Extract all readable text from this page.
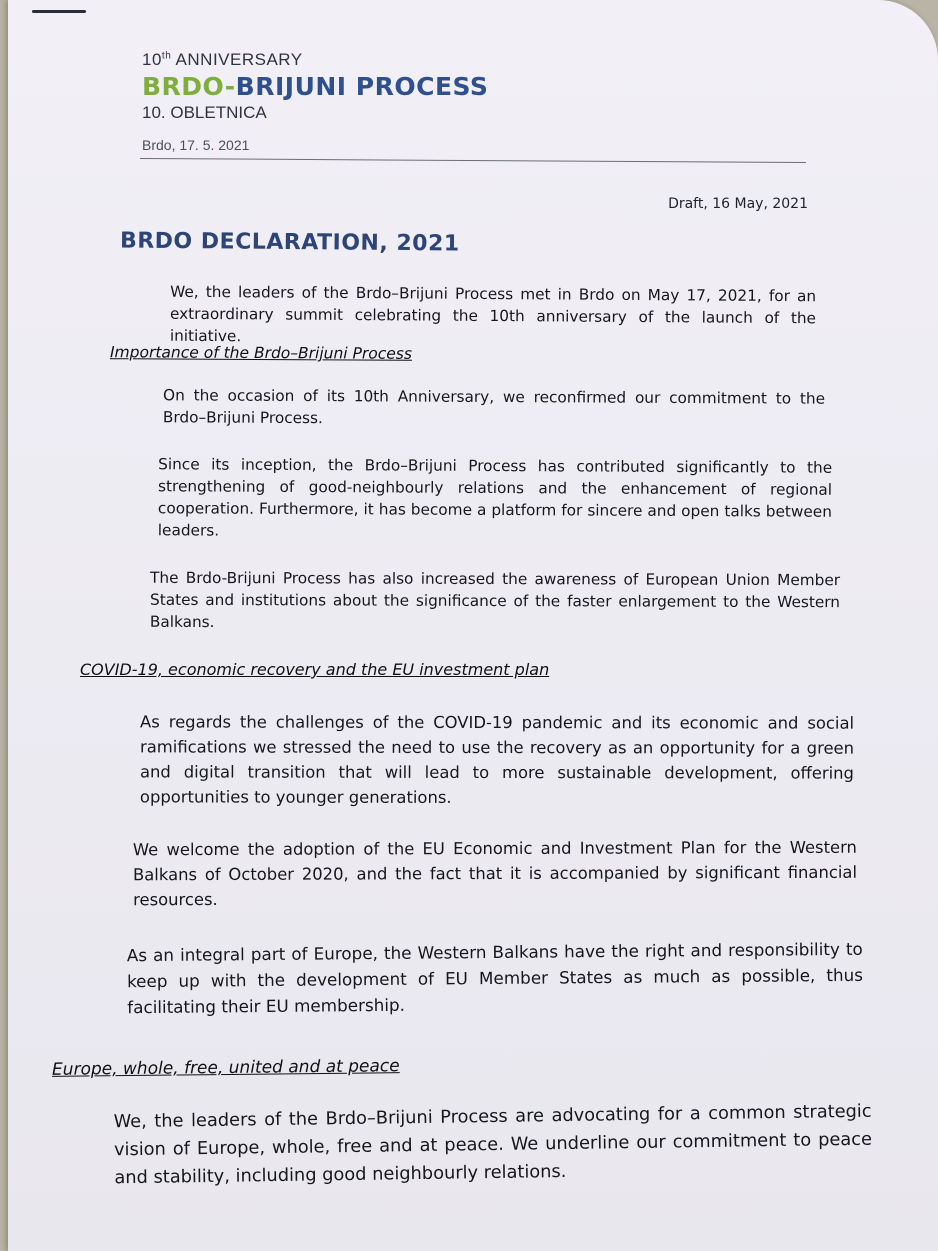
10th ANNIVERSARY
BRDO-BRIJUNI PROCESS
10. OBLETNICA
Brdo, 17. 5. 2021
Draft, 16 May, 2021
BRDO DECLARATION, 2021
We, the leaders of the Brdo–Brijuni Process met in Brdo on May 17, 2021, for an extraordinary summit celebrating the 10th anniversary of the launch of the initiative.
Importance of the Brdo–Brijuni Process
On the occasion of its 10th Anniversary, we reconfirmed our commitment to the Brdo–Brijuni Process.
Since its inception, the Brdo–Brijuni Process has contributed significantly to the strengthening of good-neighbourly relations and the enhancement of regional cooperation. Furthermore, it has become a platform for sincere and open talks between leaders.
The Brdo-Brijuni Process has also increased the awareness of European Union Member States and institutions about the significance of the faster enlargement to the Western Balkans.
COVID-19, economic recovery and the EU investment plan
As regards the challenges of the COVID-19 pandemic and its economic and social ramifications we stressed the need to use the recovery as an opportunity for a green and digital transition that will lead to more sustainable development, offering opportunities to younger generations.
We welcome the adoption of the EU Economic and Investment Plan for the Western Balkans of October 2020, and the fact that it is accompanied by significant financial resources.
As an integral part of Europe, the Western Balkans have the right and responsibility to keep up with the development of EU Member States as much as possible, thus facilitating their EU membership.
Europe, whole, free, united and at peace
We, the leaders of the Brdo–Brijuni Process are advocating for a common strategic vision of Europe, whole, free and at peace. We underline our commitment to peace and stability, including good neighbourly relations.
